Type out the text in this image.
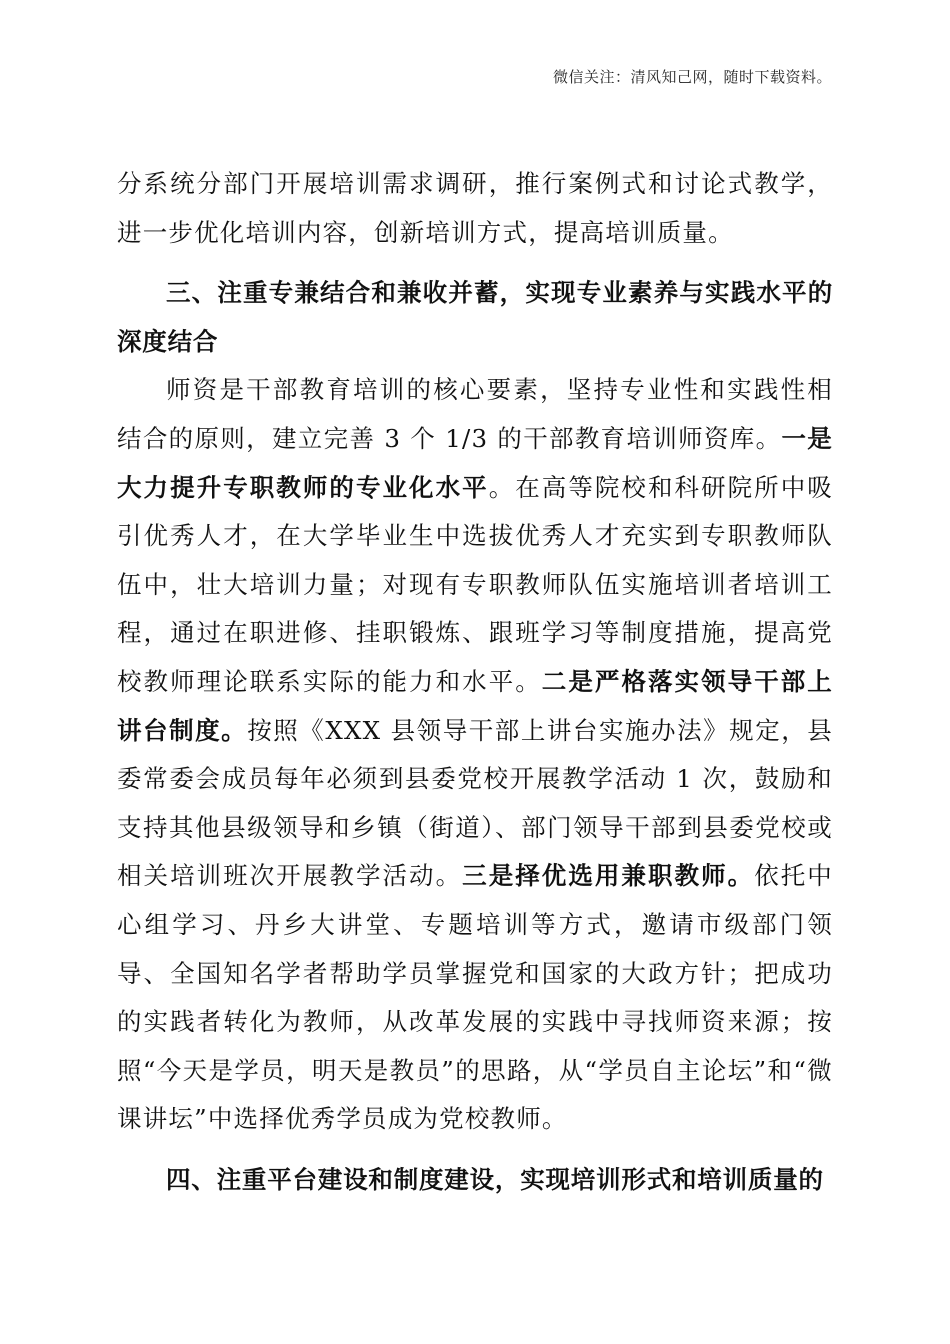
微信关注：清风知己网，随时下载资料。

分系统分部门开展培训需求调研，推行案例式和讨论式教学，进一步优化培训内容，创新培训方式，提高培训质量。

三、注重专兼结合和兼收并蓄，实现专业素养与实践水平的深度结合

师资是干部教育培训的核心要素，坚持专业性和实践性相结合的原则，建立完善 3 个 1/3 的干部教育培训师资库。一是大力提升专职教师的专业化水平。在高等院校和科研院所中吸引优秀人才，在大学毕业生中选拔优秀人才充实到专职教师队伍中，壮大培训力量；对现有专职教师队伍实施培训者培训工程，通过在职进修、挂职锻炼、跟班学习等制度措施，提高党校教师理论联系实际的能力和水平。二是严格落实领导干部上讲台制度。按照《XXX 县领导干部上讲台实施办法》规定，县委常委会成员每年必须到县委党校开展教学活动 1 次，鼓励和支持其他县级领导和乡镇（街道）、部门领导干部到县委党校或相关培训班次开展教学活动。三是择优选用兼职教师。依托中心组学习、丹乡大讲堂、专题培训等方式，邀请市级部门领导、全国知名学者帮助学员掌握党和国家的大政方针；把成功的实践者转化为教师，从改革发展的实践中寻找师资来源；按照“今天是学员，明天是教员”的思路，从“学员自主论坛”和“微课讲坛”中选择优秀学员成为党校教师。

四、注重平台建设和制度建设，实现培训形式和培训质量的
